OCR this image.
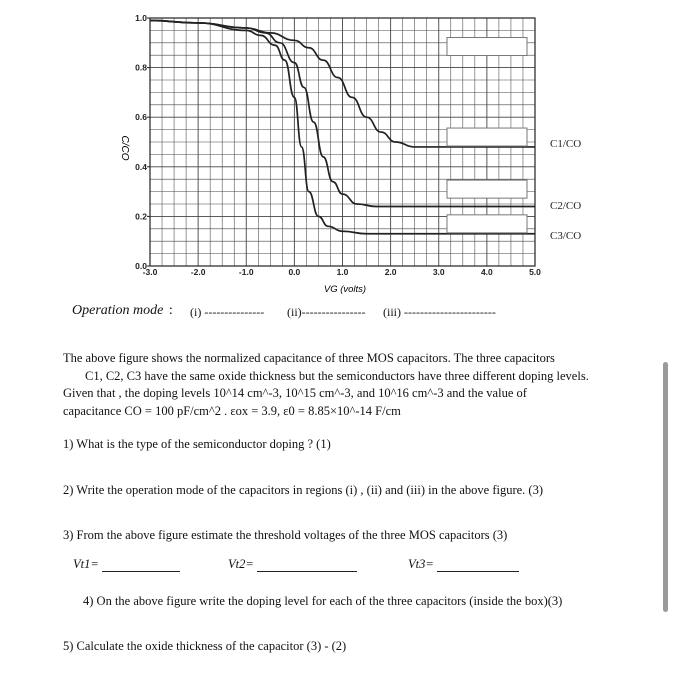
-3.0	-2.0	-1.0	0.0	1.0	2.0	3.0	4.0	5.0
0.0
0.2
0.4
0.6
0.8
1.0
C1/CO
C2/CO
C3/CO
C/CO
VG (volts)
Operation mode : (i) --------------- (ii)---------------- (iii) -----------------------
The above figure shows the normalized capacitance of three MOS capacitors. The three capacitors
C1, C2, C3 have the same oxide thickness but the semiconductors have three different doping levels.
Given that , the doping levels 10^14 cm^-3, 10^15 cm^-3, and 10^16 cm^-3 and the value of
capacitance CO = 100 pF/cm^2 . εox = 3.9, ε0 = 8.85×10^-14 F/cm
1) What is the type of the semiconductor doping ? (1)
2) Write the operation mode of the capacitors in regions (i) , (ii) and (iii) in the above figure. (3)
3) From the above figure estimate the threshold voltages of the three MOS capacitors (3)
Vt1=	Vt2=	Vt3=
4) On the above figure write the doping level for each of the three capacitors (inside the box)(3)
5) Calculate the oxide thickness of the capacitor (3) - (2)
